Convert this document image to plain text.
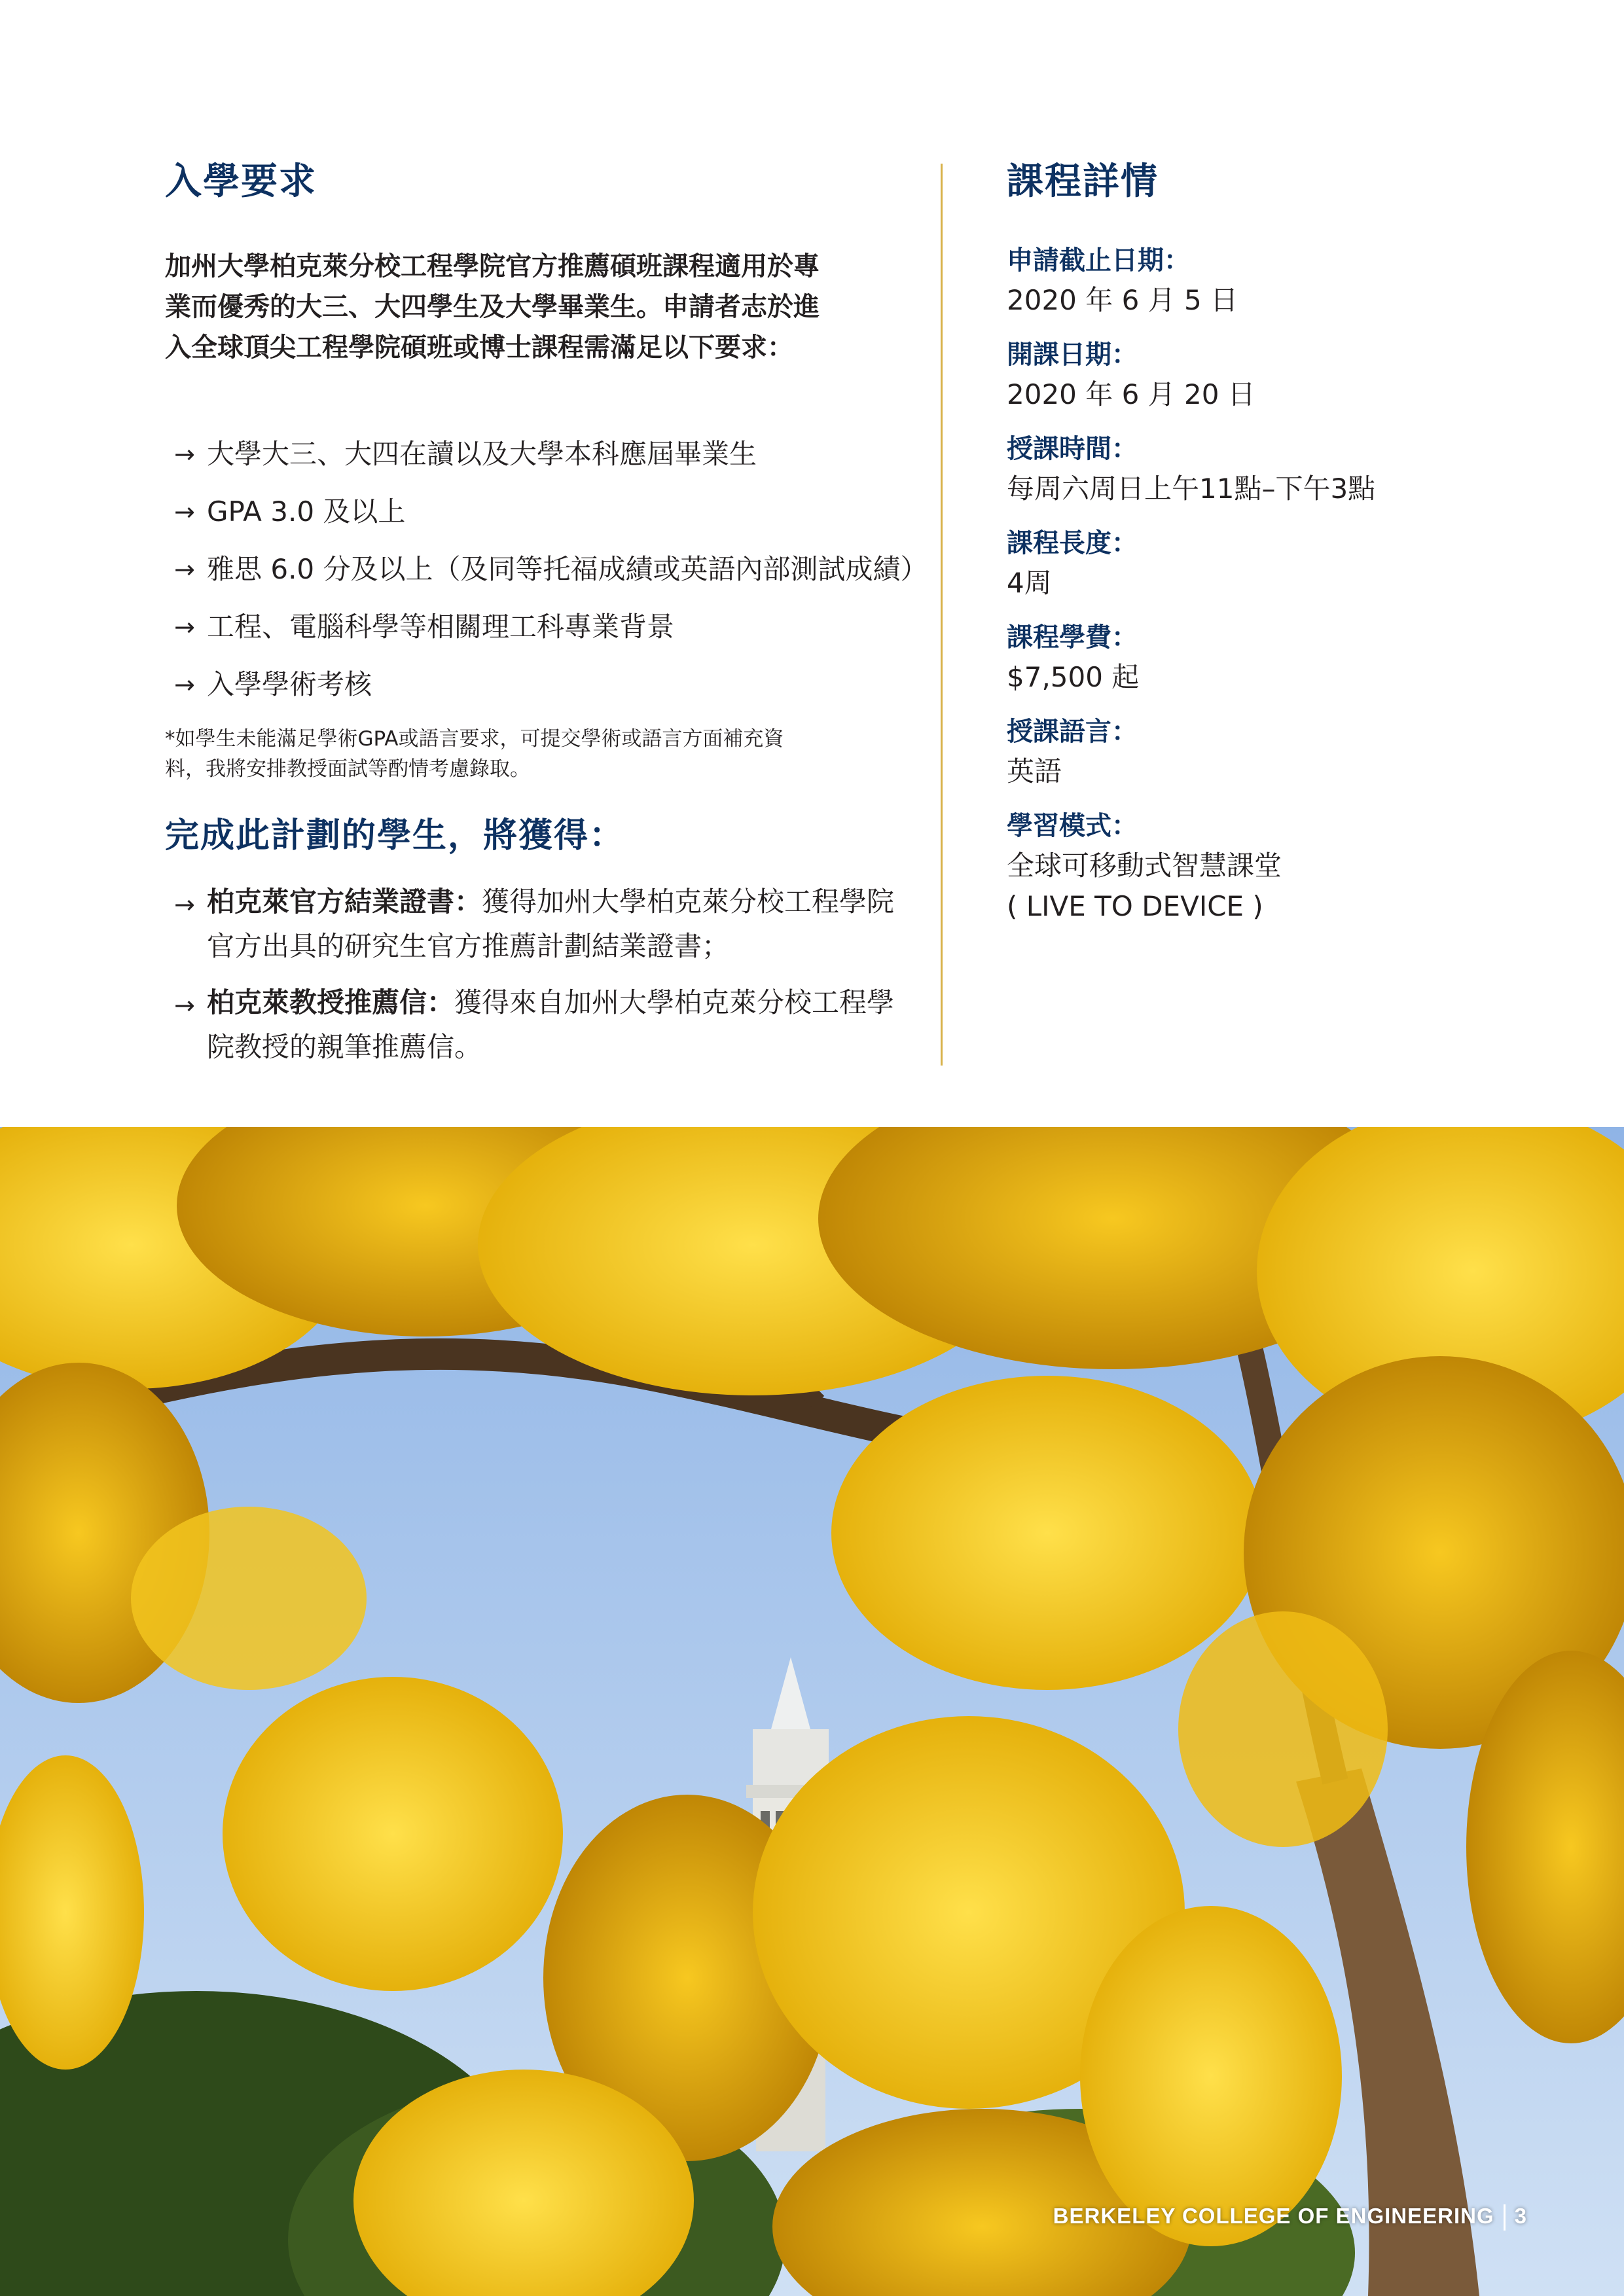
入學要求
加州大學柏克萊分校工程學院官方推薦碩班課程適用於專
業而優秀的大三、大四學生及大學畢業生。申請者志於進
入全球頂尖工程學院碩班或博士課程需滿足以下要求：
→ 大學大三、大四在讀以及大學本科應屆畢業生
→ GPA 3.0 及以上
→ 雅思 6.0 分及以上（及同等托福成績或英語內部測試成績）
→ 工程、電腦科學等相關理工科專業背景
→ 入學學術考核
*如學生未能滿足學術GPA或語言要求，可提交學術或語言方面補充資
料，我將安排教授面試等酌情考慮錄取。
完成此計劃的學生，將獲得：
→ 柏克萊官方結業證書：獲得加州大學柏克萊分校工程學院
官方出具的研究生官方推薦計劃結業證書；
→ 柏克萊教授推薦信：獲得來自加州大學柏克萊分校工程學
院教授的親筆推薦信。
課程詳情
申請截止日期：
2020 年 6 月 5 日
開課日期：
2020 年 6 月 20 日
授課時間：
每周六周日上午11點–下午3點
課程長度：
4周
課程學費：
$7,500 起
授課語言：
英語
學習模式：
全球可移動式智慧課堂
( LIVE TO DEVICE )
BERKELEY COLLEGE OF ENGINEERING 3
